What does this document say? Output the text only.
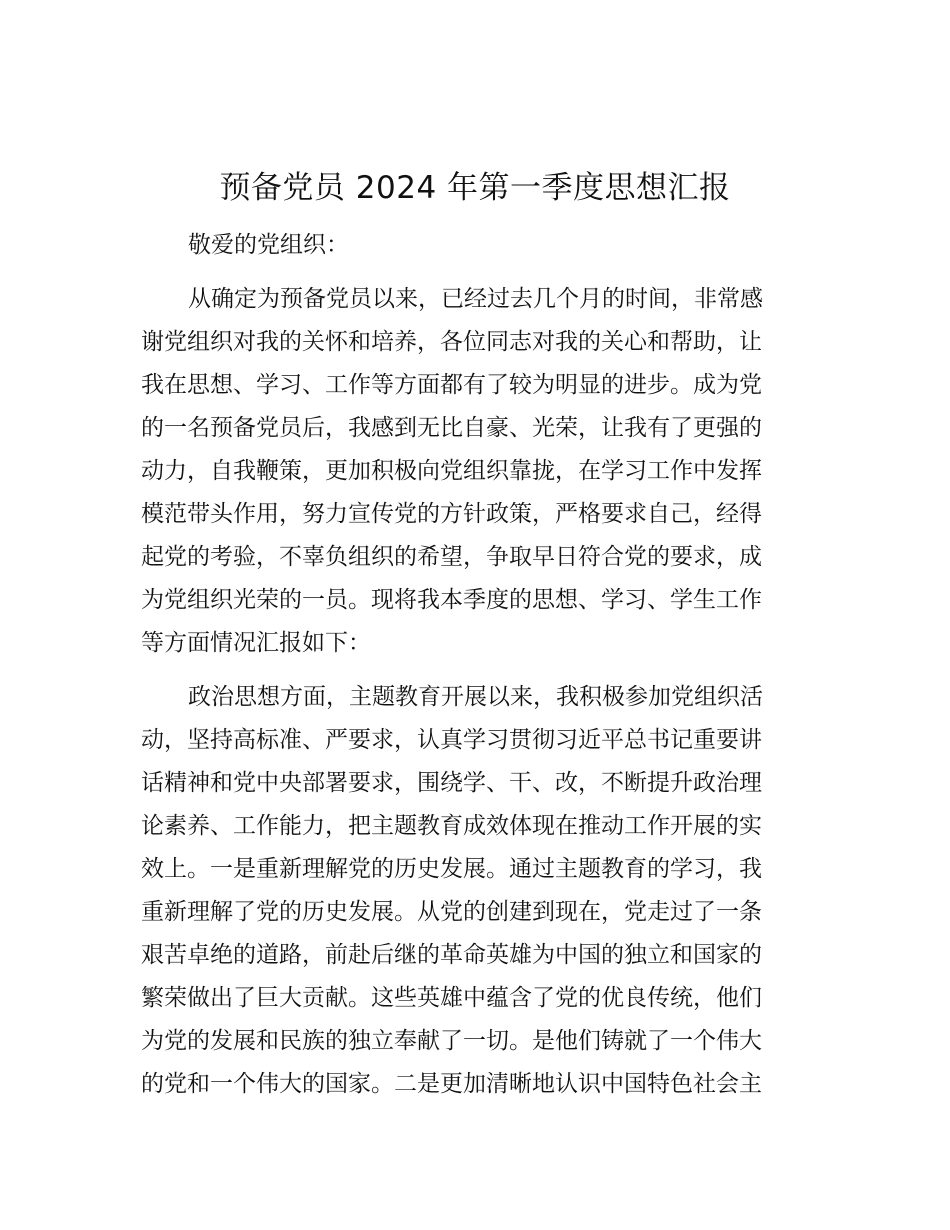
预备党员 2024 年第一季度思想汇报
敬爱的党组织：
从确定为预备党员以来，已经过去几个月的时间，非常感
谢党组织对我的关怀和培养，各位同志对我的关心和帮助，让
我在思想、学习、工作等方面都有了较为明显的进步。成为党
的一名预备党员后，我感到无比自豪、光荣，让我有了更强的
动力，自我鞭策，更加积极向党组织靠拢，在学习工作中发挥
模范带头作用，努力宣传党的方针政策，严格要求自己，经得
起党的考验，不辜负组织的希望，争取早日符合党的要求，成
为党组织光荣的一员。现将我本季度的思想、学习、学生工作
等方面情况汇报如下：
政治思想方面，主题教育开展以来，我积极参加党组织活
动，坚持高标准、严要求，认真学习贯彻习近平总书记重要讲
话精神和党中央部署要求，围绕学、干、改，不断提升政治理
论素养、工作能力，把主题教育成效体现在推动工作开展的实
效上。一是重新理解党的历史发展。通过主题教育的学习，我
重新理解了党的历史发展。从党的创建到现在，党走过了一条
艰苦卓绝的道路，前赴后继的革命英雄为中国的独立和国家的
繁荣做出了巨大贡献。这些英雄中蕴含了党的优良传统，他们
为党的发展和民族的独立奉献了一切。是他们铸就了一个伟大
的党和一个伟大的国家。二是更加清晰地认识中国特色社会主
